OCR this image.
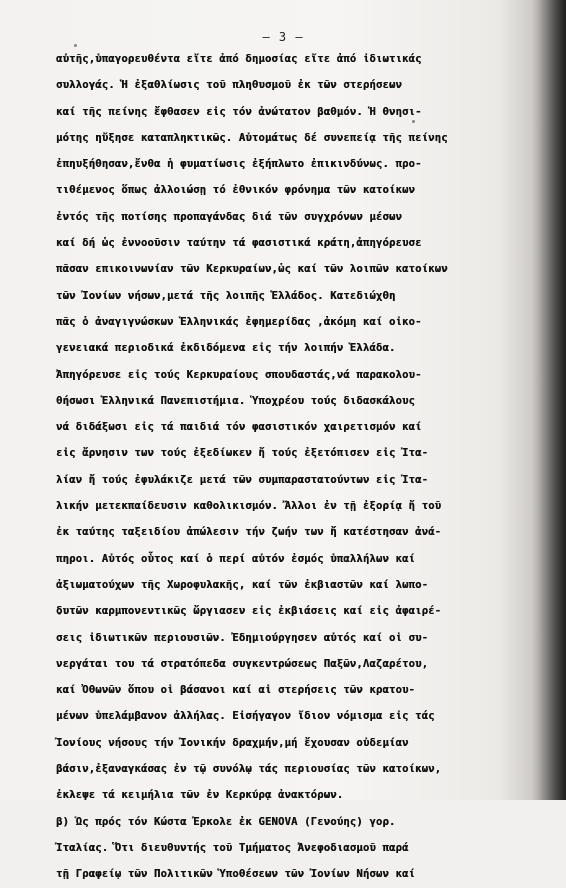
— 3 —
αὐτῆς,ὑπαγορευθέντα εἴτε ἀπό δημοσίας εἴτε ἀπό ἰδιωτικάς
συλλογάς. Ἡ ἐξαθλίωσις τοῦ πληθυσμοῦ ἐκ τῶν στερήσεων
καί τῆς πείνης ἔφθασεν εἰς τόν ἀνώτατον βαθμόν. Ἡ θνησι-
μότης ηὔξησε καταπληκτικῶς. Αὐτομάτως δέ συνεπείᾳ τῆς πείνης
ἐπηυξήθησαν,ἔνθα ἡ φυματίωσις ἐξήπλωτο ἐπικινδύνως. προ-
τιθέμενος ὅπως ἀλλοιώσῃ τό ἐθνικόν φρόνημα τῶν κατοίκων
ἐντός τῆς ποτίσης προπαγάνδας διά τῶν συγχρόνων μέσων
καί δή ὡς ἐννοοῦσιν ταύτην τά φασιστικά κράτη,ἀπηγόρευσε
πᾶσαν επικοινωνίαν τῶν Κερκυραίων,ὡς καί τῶν λοιπῶν κατοίκων
τῶν Ἰονίων νήσων,μετά τῆς λοιπῆς Ἑλλάδος. Κατεδιώχθη
πᾶς ὁ ἀναγιγνώσκων Ἑλληνικάς ἐφημερίδας ,ἀκόμη καί οἰκο-
γενειακά περιοδικά ἐκδιδόμενα εἰς τήν λοιπήν Ἑλλάδα.
Ἀπηγόρευσε εἰς τούς Κερκυραίους σπουδαστάς,νά παρακολου-
θήσωσι Ἑλληνικά Πανεπιστήμια. Ὑποχρέου τούς διδασκάλους
νά διδάξωσι εἰς τά παιδιά τόν φασιστικόν χαιρετισμόν καί
εἰς ἄρνησιν των τούς ἐξεδίωκεν ἤ τούς ἐξετόπισεν εἰς Ἰτα-
λίαν ἤ τούς ἐφυλάκιζε μετά τῶν συμπαραστατούντων εἰς Ἰτα-
λικήν μετεκπαίδευσιν καθολικισμόν. Ἄλλοι ἐν τῇ ἐξορίᾳ ἤ τοῦ
ἐκ ταύτης ταξειδίου ἀπώλεσιν τήν ζωήν των ἤ κατέστησαν ἀνά-
πηροι. Αὐτός οὗτος καί ὁ περί αὐτόν ἐσμός ὑπαλλήλων καί
ἀξιωματούχων τῆς Χωροφυλακῆς, καί τῶν ἐκβιαστῶν καί λωπο-
δυτῶν καρμπονεντικῶς ὤργιασεν εἰς ἐκβιάσεις καί εἰς ἀφαιρέ-
σεις ἰδιωτικῶν περιουσιῶν. Ἐδημιούργησεν αὐτός καί οἱ συ-
νεργάται του τά στρατόπεδα συγκεντρώσεως Παξῶν,Λαζαρέτου,
καί Ὀθωνῶν ὅπου οἱ βάσανοι καί αἱ στερήσεις τῶν κρατου-
μένων ὑπελάμβανον ἀλλήλας. Εἰσήγαγον ἴδιον νόμισμα εἰς τάς
Ἰονίους νήσους τήν Ἰονικήν δραχμήν,μή ἔχουσαν οὐδεμίαν
βάσιν,ἐξαναγκάσας ἐν τῷ συνόλῳ τάς περιουσίας τῶν κατοίκων,
ἐκλεψε τά κειμήλια τῶν ἐν Κερκύρᾳ ἀνακτόρων.
β) Ὡς πρός τόν Κώστα Ἐρκολε ἐκ GENOVA (Γενούης) γορ.
Ἰταλίας. Ὅτι διευθυντής τοῦ Τμήματος Ἀνεφοδιασμοῦ παρά
τῇ Γραφείῳ τῶν Πολιτικῶν Ὑποθέσεων τῶν Ἰονίων Νήσων καί
